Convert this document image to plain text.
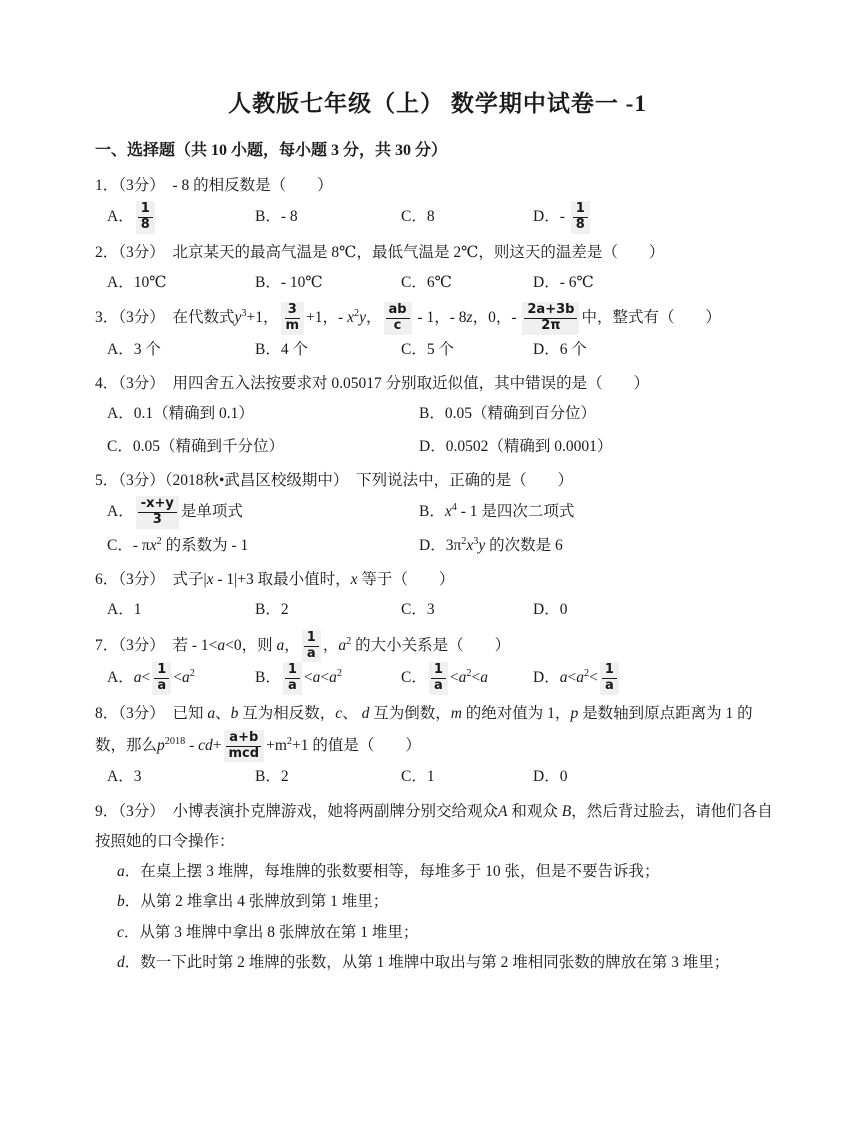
人教版七年级（上） 数学期中试卷一 -1
一、选择题（共 10 小题，每小题 3 分，共 30 分）

1．（3分）　- 8 的相反数是（　　）

A． $\frac{1}{8}$	B．- 8	C．8	D．- $\frac{1}{8}$

2．（3分）　北京某天的最高气温是 8℃，最低气温是 2℃，则这天的温差是（　　）

A．10℃	B．- 10℃	C．6℃	D．- 6℃

3．（3分）　在代数式$y^3+1$， $\frac{3}{m} +1$，- $x^2y$， $\frac{ab}{c} - 1$，- 8z，0，- $\frac{2a+3b}{2\pi}$ 中，整式有（　　）

A．3 个	B．4 个	C．5 个	D．6 个

4．（3分）　用四舍五入法按要求对 0.05017 分别取近似值，其中错误的是（　　）

A．0.1（精确到 0.1）	B．0.05（精确到百分位）
C．0.05（精确到千分位）	D．0.0502（精确到 0.0001）

5．（3分）（2018秋•武昌区校级期中）　下列说法中，正确的是（　　）

A． $\frac{-x+y}{3}$ 是单项式	B．$x^4 - 1$ 是四次二项式
C．- $\pi x^2$ 的系数为 - 1	D．$3\pi^2x^3y$ 的次数是 6

6．（3分）　式子|x - 1|+3 取最小值时，x 等于（　　）

A．1	B．2	C．3	D．0

7．（3分）　若 - 1<a<0，则 a， $\frac{1}{a}$ ，$a^2$ 的大小关系是（　　）

A．$a< \frac{1}{a} <a^2$	B． $\frac{1}{a} <a<a^2$	C． $\frac{1}{a} <a^2<a$	D．$a<a^2< \frac{1}{a}$

8．（3分）　已知 a、b 互为相反数，c、 d 互为倒数，m 的绝对值为 1，p 是数轴到原点距离为 1 的数，那么$p^{2018} - cd+ \frac{a+b}{\text{mcd}} +m^2+1$ 的值是（　　）

A．3	B．2	C．1	D．0

9．（3分）　小博表演扑克牌游戏，她将两副牌分别交给观众A 和观众 B，然后背过脸去，请他们各自按照她的口令操作：

a．在桌上摆 3 堆牌，每堆牌的张数要相等，每堆多于 10 张，但是不要告诉我；

b．从第 2 堆拿出 4 张牌放到第 1 堆里；

c．从第 3 堆牌中拿出 8 张牌放在第 1 堆里；

d．数一下此时第 2 堆牌的张数，从第 1 堆牌中取出与第 2 堆相同张数的牌放在第 3 堆里；
